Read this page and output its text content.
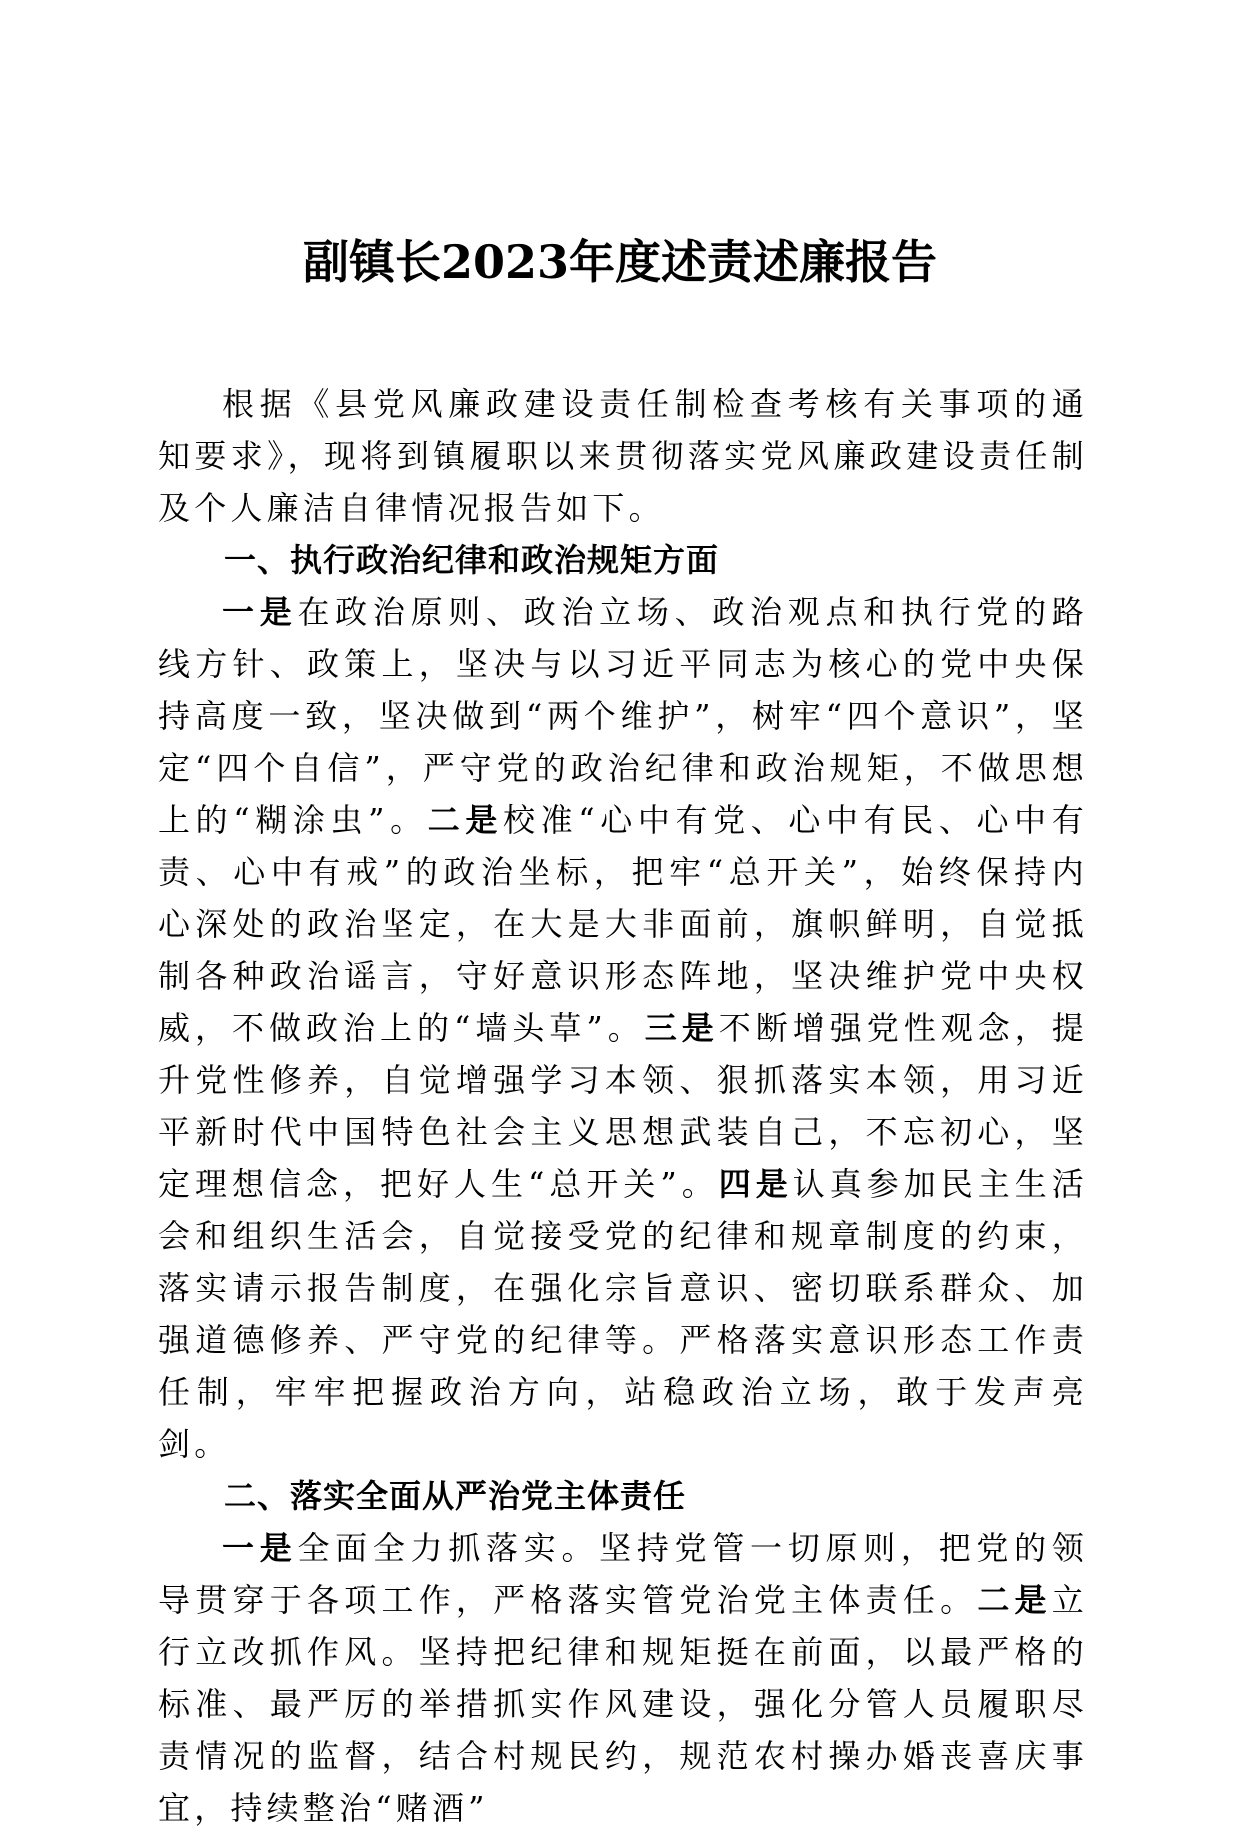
副镇长2023年度述责述廉报告

根据《县党风廉政建设责任制检查考核有关事项的通知要求》，现将到镇履职以来贯彻落实党风廉政建设责任制及个人廉洁自律情况报告如下。

一、执行政治纪律和政治规矩方面

一是在政治原则、政治立场、政治观点和执行党的路线方针、政策上，坚决与以习近平同志为核心的党中央保持高度一致，坚决做到“两个维护”，树牢“四个意识”，坚定“四个自信”，严守党的政治纪律和政治规矩，不做思想上的“糊涂虫”。二是校准“心中有党、心中有民、心中有责、心中有戒”的政治坐标，把牢“总开关”，始终保持内心深处的政治坚定，在大是大非面前，旗帜鲜明，自觉抵制各种政治谣言，守好意识形态阵地，坚决维护党中央权威，不做政治上的“墙头草”。三是不断增强党性观念，提升党性修养，自觉增强学习本领、狠抓落实本领，用习近平新时代中国特色社会主义思想武装自己，不忘初心，坚定理想信念，把好人生“总开关”。四是认真参加民主生活会和组织生活会，自觉接受党的纪律和规章制度的约束，落实请示报告制度，在强化宗旨意识、密切联系群众、加强道德修养、严守党的纪律等。严格落实意识形态工作责任制，牢牢把握政治方向，站稳政治立场，敢于发声亮剑。

二、落实全面从严治党主体责任

一是全面全力抓落实。坚持党管一切原则，把党的领导贯穿于各项工作，严格落实管党治党主体责任。二是立行立改抓作风。坚持把纪律和规矩挺在前面，以最严格的标准、最严厉的举措抓实作风建设，强化分管人员履职尽责情况的监督，结合村规民约，规范农村操办婚丧喜庆事宜，持续整治“赌酒”
